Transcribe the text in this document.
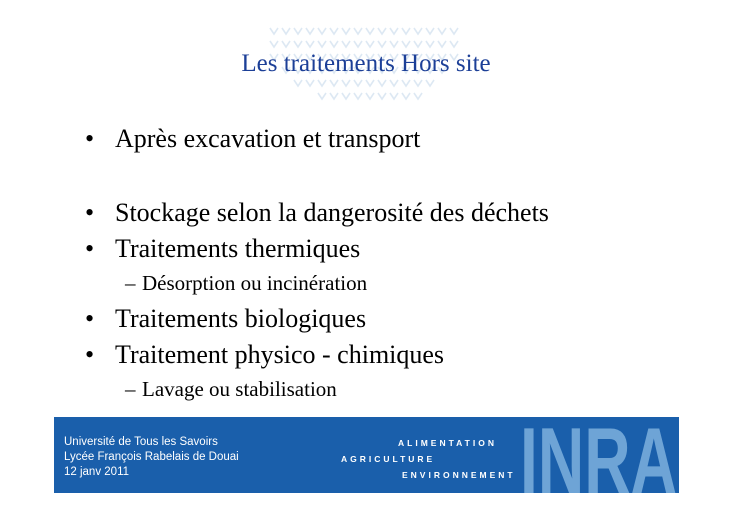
Les traitements Hors site
• Après excavation et transport
• Stockage selon la dangerosité des déchets
• Traitements thermiques
– Désorption ou incinération
• Traitements biologiques
• Traitement physico - chimiques
– Lavage ou stabilisation
Université de Tous les Savoirs
Lycée François Rabelais de Douai
12 janv 2011
ALIMENTATION
AGRICULTURE
ENVIRONNEMENT INRA
